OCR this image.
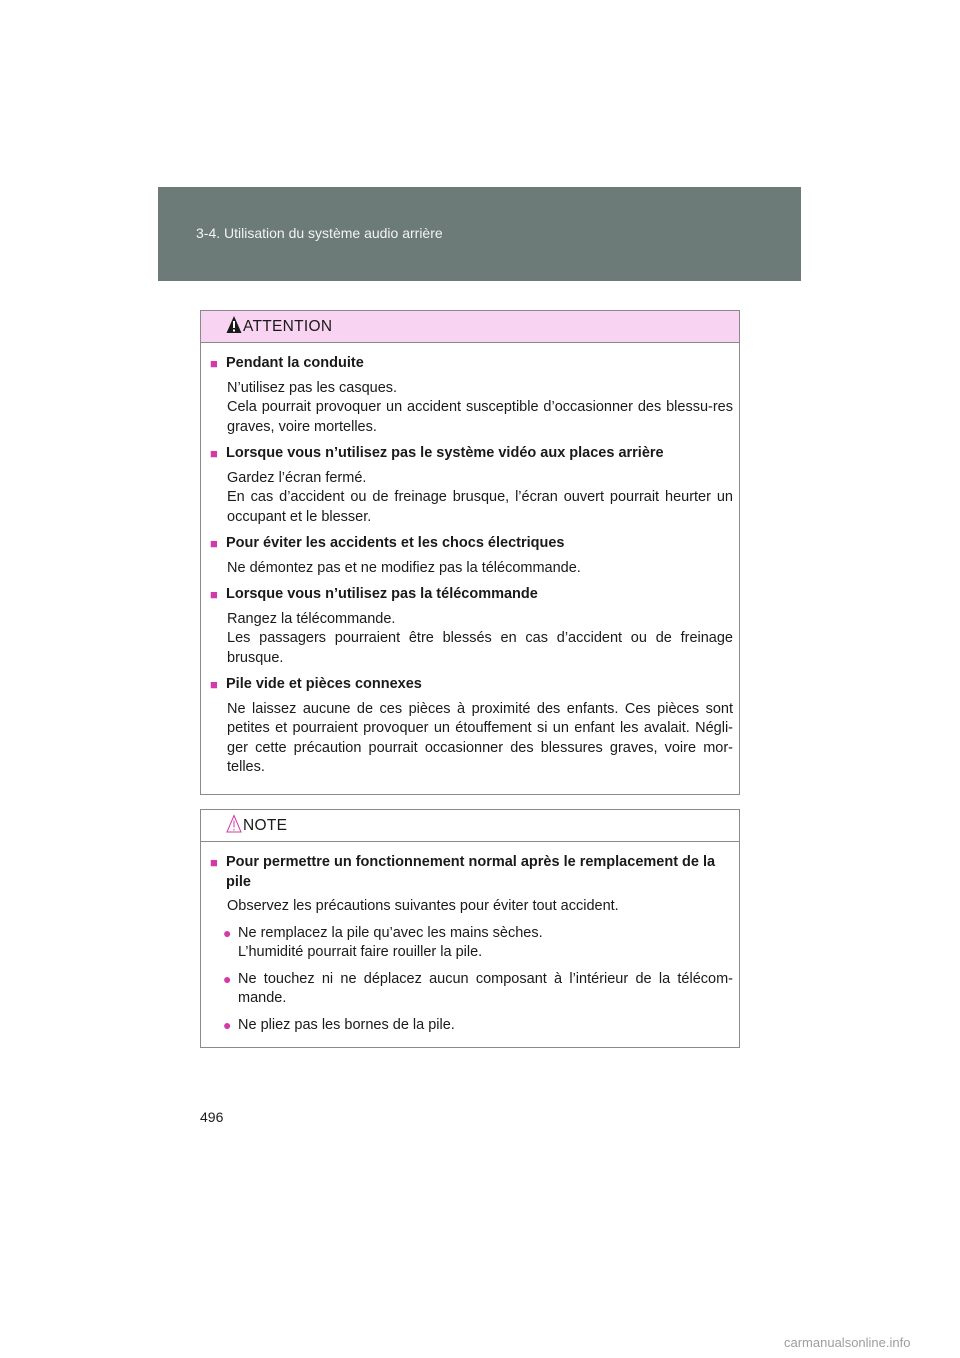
3-4. Utilisation du système audio arrière
ATTENTION
■ Pendant la conduite
N’utilisez pas les casques.
Cela pourrait provoquer un accident susceptible d’occasionner des blessu-res graves, voire mortelles.
■ Lorsque vous n’utilisez pas le système vidéo aux places arrière
Gardez l’écran fermé.
En cas d’accident ou de freinage brusque, l’écran ouvert pourrait heurter un occupant et le blesser.
■ Pour éviter les accidents et les chocs électriques
Ne démontez pas et ne modifiez pas la télécommande.
■ Lorsque vous n’utilisez pas la télécommande
Rangez la télécommande.
Les passagers pourraient être blessés en cas d’accident ou de freinage brusque.
■ Pile vide et pièces connexes
Ne laissez aucune de ces pièces à proximité des enfants. Ces pièces sont petites et pourraient provoquer un étouffement si un enfant les avalait. Négli-ger cette précaution pourrait occasionner des blessures graves, voire mor-telles.
NOTE
■ Pour permettre un fonctionnement normal après le remplacement de la pile
Observez les précautions suivantes pour éviter tout accident.
● Ne remplacez la pile qu’avec les mains sèches.
L’humidité pourrait faire rouiller la pile.
● Ne touchez ni ne déplacez aucun composant à l’intérieur de la télécom-mande.
● Ne pliez pas les bornes de la pile.
496
carmanualsonline.info
